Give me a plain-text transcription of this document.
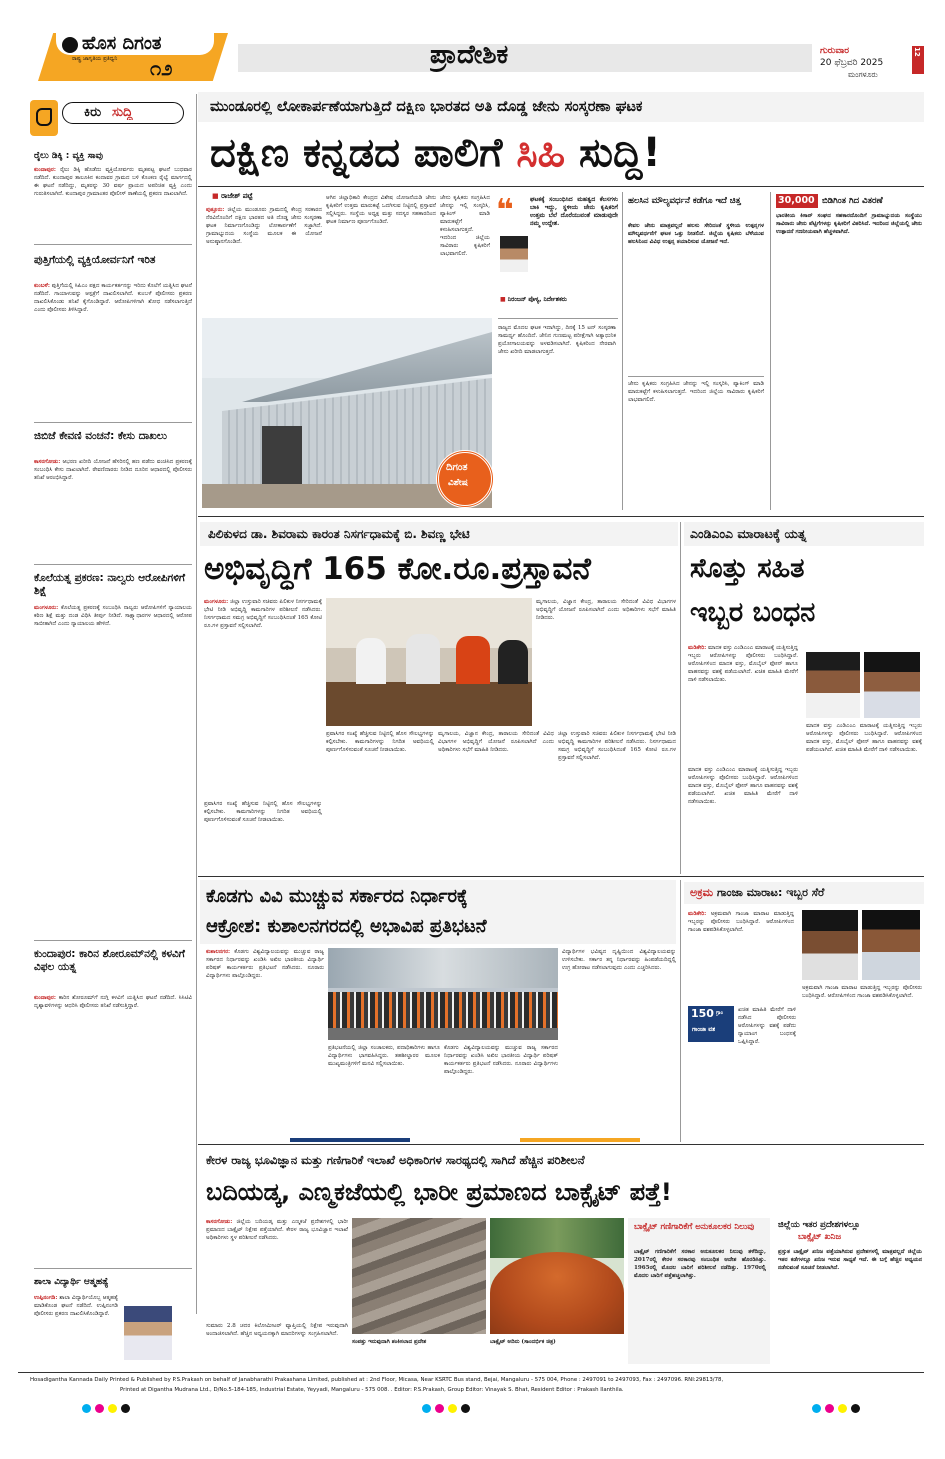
ಹೊಸ ದಿಗಂತ
ರಾಷ್ಟ್ರ ಜಾಗೃತಿಯ ಪ್ರತಿಧ್ವನಿ ೧೨	ಪ್ರಾದೇಶಿಕ	ಗುರುವಾರ
20 ಫೆಬ್ರವರಿ 2025
ಮಂಗಳೂರು
12
ಕಿರು ಸುದ್ದಿ
ರೈಲು ಡಿಕ್ಕಿ : ವ್ಯಕ್ತಿ ಸಾವು
ಕುಂದಾಪುರ: ರೈಲು ಡಿಕ್ಕಿ ಹೊಡೆದು ವ್ಯಕ್ತಿಯೋರ್ವರು ಮೃತಪಟ್ಟ ಘಟನೆ ಬುಧವಾರ ನಡೆದಿದೆ. ಕುಂದಾಪುರ ತಾಲೂಕಿನ ಕಂದಾವರ ಗ್ರಾಮದ ಬಳಿ ಕೊಂಕಣ ರೈಲ್ವೆ ಮಾರ್ಗದಲ್ಲಿ ಈ ಘಟನೆ ನಡೆದಿದ್ದು, ಮೃತರನ್ನು 30 ವರ್ಷ ಪ್ರಾಯದ ಅಪರಿಚಿತ ವ್ಯಕ್ತಿ ಎಂದು ಗುರುತಿಸಲಾಗಿದೆ. ಕುಂದಾಪುರ ಗ್ರಾಮಾಂತರ ಪೊಲೀಸ್ ಠಾಣೆಯಲ್ಲಿ ಪ್ರಕರಣ ದಾಖಲಾಗಿದೆ.
ಪುತ್ತಿಗೆಯಲ್ಲಿ ವ್ಯಕ್ತಿಯೋರ್ವನಿಗೆ ಇರಿತ
ಕುಂಬಳೆ: ಪುತ್ತಿಗೆಯಲ್ಲಿ ಸಿಪಿಎಂ ಪಕ್ಷದ ಕಾರ್ಯಕರ್ತನನ್ನು ಇರಿದು ಕೊಲೆಗೆ ಯತ್ನಿಸಿದ ಘಟನೆ ನಡೆದಿದೆ. ಗಾಯಾಳುವನ್ನು ಆಸ್ಪತ್ರೆಗೆ ದಾಖಲಿಸಲಾಗಿದೆ. ಕುಂಬಳೆ ಪೊಲೀಸರು ಪ್ರಕರಣ ದಾಖಲಿಸಿಕೊಂಡು ತನಿಖೆ ಕೈಗೊಂಡಿದ್ದಾರೆ. ಆರೋಪಿಗಳಿಗಾಗಿ ಶೋಧ ನಡೆಸಲಾಗುತ್ತಿದೆ ಎಂದು ಪೊಲೀಸರು ತಿಳಿಸಿದ್ದಾರೆ.
ಜಿಬಿಜೆ ಕೇವಣಿ ವಂಚನೆ: ಕೇಸು ದಾಖಲು
ಕಾಸರಗೋಡು: ಆಭರಣ ಖರೀದಿ ಯೋಜನೆ ಹೆಸರಿನಲ್ಲಿ ಹಣ ಪಡೆದು ವಂಚಿಸಿದ ಪ್ರಕರಣಕ್ಕೆ ಸಂಬಂಧಿಸಿ ಕೇಸು ದಾಖಲಾಗಿದೆ. ಠೇವಣಿದಾರರು ನೀಡಿದ ದೂರಿನ ಆಧಾರದಲ್ಲಿ ಪೊಲೀಸರು ತನಿಖೆ ಆರಂಭಿಸಿದ್ದಾರೆ.
ಕೊಲೆಯತ್ನ ಪ್ರಕರಣ: ನಾಲ್ವರು ಆರೋಪಿಗಳಿಗೆ ಶಿಕ್ಷೆ
ಮಂಗಳೂರು: ಕೊಲೆಯತ್ನ ಪ್ರಕರಣಕ್ಕೆ ಸಂಬಂಧಿಸಿ ನಾಲ್ವರು ಆರೋಪಿಗಳಿಗೆ ನ್ಯಾಯಾಲಯ ಕಠಿಣ ಶಿಕ್ಷೆ ಮತ್ತು ದಂಡ ವಿಧಿಸಿ ತೀರ್ಪು ನೀಡಿದೆ. ಸಾಕ್ಷ್ಯಾಧಾರಗಳ ಆಧಾರದಲ್ಲಿ ಆರೋಪ ಸಾಬೀತಾಗಿದೆ ಎಂದು ನ್ಯಾಯಾಲಯ ಹೇಳಿದೆ.
ಕುಂದಾಪುರ: ಕಾರಿನ ಶೋರೂಮ್‌ನಲ್ಲಿ ಕಳವಿಗೆ ವಿಫಲ ಯತ್ನ
ಕುಂದಾಪುರ: ಕಾರಿನ ಶೋರೂಮ್‌ಗೆ ನುಗ್ಗಿ ಕಳವಿಗೆ ಯತ್ನಿಸಿದ ಘಟನೆ ನಡೆದಿದೆ. ಸಿಸಿಟಿವಿ ದೃಶ್ಯಾವಳಿಗಳನ್ನು ಆಧರಿಸಿ ಪೊಲೀಸರು ತನಿಖೆ ನಡೆಸುತ್ತಿದ್ದಾರೆ.
ಶಾಲಾ ವಿದ್ಯಾರ್ಥಿ ಆತ್ಮಹತ್ಯೆ
ಉಪ್ಪಿನಂಗಡಿ: ಶಾಲಾ ವಿದ್ಯಾರ್ಥಿಯೊಬ್ಬ ಆತ್ಮಹತ್ಯೆ ಮಾಡಿಕೊಂಡ ಘಟನೆ ನಡೆದಿದೆ. ಉಪ್ಪಿನಂಗಡಿ ಪೊಲೀಸರು ಪ್ರಕರಣ ದಾಖಲಿಸಿಕೊಂಡಿದ್ದಾರೆ.
ಮುಂಡೂರಲ್ಲಿ ಲೋಕಾರ್ಪಣೆಯಾಗುತ್ತಿದೆ ದಕ್ಷಿಣ ಭಾರತದ ಅತಿ ದೊಡ್ಡ ಜೇನು ಸಂಸ್ಕರಣಾ ಘಟಕ
ದಕ್ಷಿಣ ಕನ್ನಡದ ಪಾಲಿಗೆ ಸಿಹಿ ಸುದ್ದಿ!
■ ರಾಜೇಶ್ ಪಟ್ಟೆ
ಪುತ್ತೂರು: ಜಿಲ್ಲೆಯ ಮುಂಡೂರು ಗ್ರಾಮದಲ್ಲಿ ಕೇಂದ್ರ ಸರಕಾರದ ನೆರವಿನೊಂದಿಗೆ ದಕ್ಷಿಣ ಭಾರತದ ಅತಿ ದೊಡ್ಡ ಜೇನು ಸಂಸ್ಕರಣಾ ಘಟಕ ನಿರ್ಮಾಣಗೊಂಡಿದ್ದು ಲೋಕಾರ್ಪಣೆಗೆ ಸಜ್ಜಾಗಿದೆ. ಗ್ರಾಮಾಭ್ಯುದಯ ಸಂಸ್ಥೆಯ ಮೂಲಕ ಈ ಯೋಜನೆ ಅನುಷ್ಠಾನಗೊಂಡಿದೆ.
ಆಗಿನ ಜಿಲ್ಲಾಧಿಕಾರಿ ಕೇಂದ್ರದ ವಿಶೇಷ ಯೋಜನೆಯಡಿ ಜೇನು ಕೃಷಿಕರಿಗೆ ಉತ್ತಮ ಮಾರುಕಟ್ಟೆ ಒದಗಿಸುವ ನಿಟ್ಟಿನಲ್ಲಿ ಪ್ರಸ್ತಾವನೆ ಸಲ್ಲಿಸಿದ್ದರು. ಸಂಸ್ಥೆಯ ಅಧ್ಯಕ್ಷ ಮತ್ತು ಸದಸ್ಯರ ಸಹಕಾರದಿಂದ ಘಟಕ ನಿರ್ಮಾಣ ಪೂರ್ಣಗೊಂಡಿದೆ.
ಜೇನು ಕೃಷಿಕರು ಸಂಗ್ರಹಿಸಿದ ಜೇನನ್ನು ಇಲ್ಲಿ ಸಂಸ್ಕರಿಸಿ, ಪ್ಯಾಕಿಂಗ್ ಮಾಡಿ ಮಾರುಕಟ್ಟೆಗೆ ಕಳುಹಿಸಲಾಗುತ್ತದೆ. ಇದರಿಂದ ಜಿಲ್ಲೆಯ ಸಾವಿರಾರು ಕೃಷಿಕರಿಗೆ ಲಾಭವಾಗಲಿದೆ.
ದಿಗಂತ
ವಿಶೇಷ
❝	ಘಟಕಕ್ಕೆ ಸಂಬಂಧಿಸಿದ ಮಹತ್ವದ ಕೆಲಸಗಳು ಬಾಕಿ ಇದ್ದು, ಸ್ಥಳೀಯ ಜೇನು ಕೃಷಿಕರಿಗೆ ಉತ್ತಮ ಬೆಲೆ ದೊರೆಯುವಂತೆ ಮಾಡುವುದೇ ನಮ್ಮ ಉದ್ದೇಶ.
■ ನಿರಂಜನ್ ಪೊಳ್ಯ, ನಿರ್ದೇಶಕರು
ರಾಜ್ಯದ ಮೊದಲ ಘಟಕ ಇದಾಗಿದ್ದು, ದಿನಕ್ಕೆ 15 ಟನ್ ಸಂಸ್ಕರಣಾ ಸಾಮರ್ಥ್ಯ ಹೊಂದಿದೆ. ಜೇನಿನ ಗುಣಮಟ್ಟ ಪರೀಕ್ಷೆಗಾಗಿ ಅತ್ಯಾಧುನಿಕ ಪ್ರಯೋಗಾಲಯವನ್ನು ಅಳವಡಿಸಲಾಗಿದೆ. ಕೃಷಿಕರಿಂದ ನೇರವಾಗಿ ಜೇನು ಖರೀದಿ ಮಾಡಲಾಗುತ್ತದೆ.
ಹಲಸಿನ ಮೌಲ್ಯವರ್ಧನೆ ಕಡೆಗೂ ಇದೆ ಚಿತ್ತ
ಕೇವಲ ಜೇನು ಮಾತ್ರವಲ್ಲದೆ ಹಲಸು ಸೇರಿದಂತೆ ಸ್ಥಳೀಯ ಉತ್ಪನ್ನಗಳ ಮೌಲ್ಯವರ್ಧನೆಗೆ ಘಟಕ ಒತ್ತು ನೀಡಲಿದೆ. ಜಿಲ್ಲೆಯ ಕೃಷಿಕರು ಬೆಳೆಯುವ ಹಲಸಿನಿಂದ ವಿವಿಧ ಉತ್ಪನ್ನ ತಯಾರಿಸುವ ಯೋಜನೆ ಇದೆ.
ಜೇನು ಕೃಷಿಕರು ಸಂಗ್ರಹಿಸಿದ ಜೇನನ್ನು ಇಲ್ಲಿ ಸಂಸ್ಕರಿಸಿ, ಪ್ಯಾಕಿಂಗ್ ಮಾಡಿ ಮಾರುಕಟ್ಟೆಗೆ ಕಳುಹಿಸಲಾಗುತ್ತದೆ. ಇದರಿಂದ ಜಿಲ್ಲೆಯ ಸಾವಿರಾರು ಕೃಷಿಕರಿಗೆ ಲಾಭವಾಗಲಿದೆ.
30,000 ಬಿಡಿಗಿಂತ ಗಿದ ವಿತರಣೆ
ಭಾರತೀಯ ಕಿಸಾನ್ ಸಂಘದ ಸಹಕಾರದೊಂದಿಗೆ ಗ್ರಾಮಾಭ್ಯುದಯ ಸಂಸ್ಥೆಯು ಸಾವಿರಾರು ಜೇನು ಪೆಟ್ಟಿಗೆಗಳನ್ನು ಕೃಷಿಕರಿಗೆ ವಿತರಿಸಿದೆ. ಇದರಿಂದ ಜಿಲ್ಲೆಯಲ್ಲಿ ಜೇನು ಉತ್ಪಾದನೆ ಗಣನೀಯವಾಗಿ ಹೆಚ್ಚಳವಾಗಿದೆ.
ಪಿಲಿಕುಳದ ಡಾ. ಶಿವರಾಮ ಕಾರಂತ ನಿಸರ್ಗಧಾಮಕ್ಕೆ ಬಿ. ಶಿವಣ್ಣ ಭೇಟಿ
ಅಭಿವೃದ್ಧಿಗೆ 165 ಕೋ.ರೂ.ಪ್ರಸ್ತಾವನೆ
ಮಂಗಳೂರು: ಜಿಲ್ಲಾ ಉಸ್ತುವಾರಿ ಸಚಿವರು ಪಿಲಿಕುಳ ನಿಸರ್ಗಧಾಮಕ್ಕೆ ಭೇಟಿ ನೀಡಿ ಅಭಿವೃದ್ಧಿ ಕಾಮಗಾರಿಗಳ ಪರಿಶೀಲನೆ ನಡೆಸಿದರು. ನಿಸರ್ಗಧಾಮದ ಸಮಗ್ರ ಅಭಿವೃದ್ಧಿಗೆ ಸಂಬಂಧಿಸಿದಂತೆ 165 ಕೋಟಿ ರೂ.ಗಳ ಪ್ರಸ್ತಾವನೆ ಸಲ್ಲಿಸಲಾಗಿದೆ.
ಮೃಗಾಲಯ, ವಿಜ್ಞಾನ ಕೇಂದ್ರ, ತಾರಾಲಯ ಸೇರಿದಂತೆ ವಿವಿಧ ವಿಭಾಗಗಳ ಅಭಿವೃದ್ಧಿಗೆ ಯೋಜನೆ ರೂಪಿಸಲಾಗಿದೆ ಎಂದು ಅಧಿಕಾರಿಗಳು ಸಭೆಗೆ ಮಾಹಿತಿ ನೀಡಿದರು.
ಪ್ರವಾಸಿಗರ ಸಂಖ್ಯೆ ಹೆಚ್ಚಿಸುವ ನಿಟ್ಟಿನಲ್ಲಿ ಹೊಸ ಸೌಲಭ್ಯಗಳನ್ನು ಕಲ್ಪಿಸಬೇಕು. ಕಾಮಗಾರಿಗಳನ್ನು ನಿಗದಿತ ಅವಧಿಯಲ್ಲಿ ಪೂರ್ಣಗೊಳಿಸುವಂತೆ ಸೂಚನೆ ನೀಡಲಾಯಿತು.
ಮೃಗಾಲಯ, ವಿಜ್ಞಾನ ಕೇಂದ್ರ, ತಾರಾಲಯ ಸೇರಿದಂತೆ ವಿವಿಧ ವಿಭಾಗಗಳ ಅಭಿವೃದ್ಧಿಗೆ ಯೋಜನೆ ರೂಪಿಸಲಾಗಿದೆ ಎಂದು ಅಧಿಕಾರಿಗಳು ಸಭೆಗೆ ಮಾಹಿತಿ ನೀಡಿದರು.
ಜಿಲ್ಲಾ ಉಸ್ತುವಾರಿ ಸಚಿವರು ಪಿಲಿಕುಳ ನಿಸರ್ಗಧಾಮಕ್ಕೆ ಭೇಟಿ ನೀಡಿ ಅಭಿವೃದ್ಧಿ ಕಾಮಗಾರಿಗಳ ಪರಿಶೀಲನೆ ನಡೆಸಿದರು. ನಿಸರ್ಗಧಾಮದ ಸಮಗ್ರ ಅಭಿವೃದ್ಧಿಗೆ ಸಂಬಂಧಿಸಿದಂತೆ 165 ಕೋಟಿ ರೂ.ಗಳ ಪ್ರಸ್ತಾವನೆ ಸಲ್ಲಿಸಲಾಗಿದೆ.
ಪ್ರವಾಸಿಗರ ಸಂಖ್ಯೆ ಹೆಚ್ಚಿಸುವ ನಿಟ್ಟಿನಲ್ಲಿ ಹೊಸ ಸೌಲಭ್ಯಗಳನ್ನು ಕಲ್ಪಿಸಬೇಕು. ಕಾಮಗಾರಿಗಳನ್ನು ನಿಗದಿತ ಅವಧಿಯಲ್ಲಿ ಪೂರ್ಣಗೊಳಿಸುವಂತೆ ಸೂಚನೆ ನೀಡಲಾಯಿತು.
ಎಂಡಿಎಂಎ ಮಾರಾಟಕ್ಕೆ ಯತ್ನ
ಸೊತ್ತು ಸಹಿತ
ಇಬ್ಬರ ಬಂಧನ
ಮಡಿಕೇರಿ: ಮಾದಕ ವಸ್ತು ಎಂಡಿಎಂಎ ಮಾರಾಟಕ್ಕೆ ಯತ್ನಿಸುತ್ತಿದ್ದ ಇಬ್ಬರು ಆರೋಪಿಗಳನ್ನು ಪೊಲೀಸರು ಬಂಧಿಸಿದ್ದಾರೆ. ಆರೋಪಿಗಳಿಂದ ಮಾದಕ ವಸ್ತು, ಮೊಬೈಲ್ ಫೋನ್ ಹಾಗೂ ವಾಹನವನ್ನು ವಶಕ್ಕೆ ಪಡೆಯಲಾಗಿದೆ. ಖಚಿತ ಮಾಹಿತಿ ಮೇರೆಗೆ ದಾಳಿ ನಡೆಸಲಾಯಿತು.
ಮಾದಕ ವಸ್ತು ಎಂಡಿಎಂಎ ಮಾರಾಟಕ್ಕೆ ಯತ್ನಿಸುತ್ತಿದ್ದ ಇಬ್ಬರು ಆರೋಪಿಗಳನ್ನು ಪೊಲೀಸರು ಬಂಧಿಸಿದ್ದಾರೆ. ಆರೋಪಿಗಳಿಂದ ಮಾದಕ ವಸ್ತು, ಮೊಬೈಲ್ ಫೋನ್ ಹಾಗೂ ವಾಹನವನ್ನು ವಶಕ್ಕೆ ಪಡೆಯಲಾಗಿದೆ. ಖಚಿತ ಮಾಹಿತಿ ಮೇರೆಗೆ ದಾಳಿ ನಡೆಸಲಾಯಿತು.
ಮಾದಕ ವಸ್ತು ಎಂಡಿಎಂಎ ಮಾರಾಟಕ್ಕೆ ಯತ್ನಿಸುತ್ತಿದ್ದ ಇಬ್ಬರು ಆರೋಪಿಗಳನ್ನು ಪೊಲೀಸರು ಬಂಧಿಸಿದ್ದಾರೆ. ಆರೋಪಿಗಳಿಂದ ಮಾದಕ ವಸ್ತು, ಮೊಬೈಲ್ ಫೋನ್ ಹಾಗೂ ವಾಹನವನ್ನು ವಶಕ್ಕೆ ಪಡೆಯಲಾಗಿದೆ. ಖಚಿತ ಮಾಹಿತಿ ಮೇರೆಗೆ ದಾಳಿ ನಡೆಸಲಾಯಿತು.
ಕೊಡಗು ವಿವಿ ಮುಚ್ಚುವ ಸರ್ಕಾರದ ನಿರ್ಧಾರಕ್ಕೆ
ಆಕ್ರೋಶ: ಕುಶಾಲನಗರದಲ್ಲಿ ಅಭಾವಿಪ ಪ್ರತಿಭಟನೆ
ಕುಶಾಲನಗರ: ಕೊಡಗು ವಿಶ್ವವಿದ್ಯಾಲಯವನ್ನು ಮುಚ್ಚುವ ರಾಜ್ಯ ಸರ್ಕಾರದ ನಿರ್ಧಾರವನ್ನು ಖಂಡಿಸಿ ಅಖಿಲ ಭಾರತೀಯ ವಿದ್ಯಾರ್ಥಿ ಪರಿಷತ್ ಕಾರ್ಯಕರ್ತರು ಪ್ರತಿಭಟನೆ ನಡೆಸಿದರು. ನೂರಾರು ವಿದ್ಯಾರ್ಥಿಗಳು ಪಾಲ್ಗೊಂಡಿದ್ದರು.
ವಿದ್ಯಾರ್ಥಿಗಳ ಭವಿಷ್ಯದ ದೃಷ್ಟಿಯಿಂದ ವಿಶ್ವವಿದ್ಯಾಲಯವನ್ನು ಉಳಿಸಬೇಕು. ಸರ್ಕಾರ ತನ್ನ ನಿರ್ಧಾರವನ್ನು ಹಿಂಪಡೆಯದಿದ್ದಲ್ಲಿ ಉಗ್ರ ಹೋರಾಟ ನಡೆಸಲಾಗುವುದು ಎಂದು ಎಚ್ಚರಿಸಿದರು.
ಪ್ರತಿಭಟನೆಯಲ್ಲಿ ಜಿಲ್ಲಾ ಸಂಚಾಲಕರು, ಪದಾಧಿಕಾರಿಗಳು ಹಾಗೂ ವಿದ್ಯಾರ್ಥಿಗಳು ಭಾಗವಹಿಸಿದ್ದರು. ತಹಶೀಲ್ದಾರರ ಮೂಲಕ ಮುಖ್ಯಮಂತ್ರಿಗಳಿಗೆ ಮನವಿ ಸಲ್ಲಿಸಲಾಯಿತು.
ಕೊಡಗು ವಿಶ್ವವಿದ್ಯಾಲಯವನ್ನು ಮುಚ್ಚುವ ರಾಜ್ಯ ಸರ್ಕಾರದ ನಿರ್ಧಾರವನ್ನು ಖಂಡಿಸಿ ಅಖಿಲ ಭಾರತೀಯ ವಿದ್ಯಾರ್ಥಿ ಪರಿಷತ್ ಕಾರ್ಯಕರ್ತರು ಪ್ರತಿಭಟನೆ ನಡೆಸಿದರು. ನೂರಾರು ವಿದ್ಯಾರ್ಥಿಗಳು ಪಾಲ್ಗೊಂಡಿದ್ದರು.
ಅಕ್ರಮ ಗಾಂಜಾ ಮಾರಾಟ: ಇಬ್ಬರ ಸೆರೆ
ಮಡಿಕೇರಿ: ಅಕ್ರಮವಾಗಿ ಗಾಂಜಾ ಮಾರಾಟ ಮಾಡುತ್ತಿದ್ದ ಇಬ್ಬರನ್ನು ಪೊಲೀಸರು ಬಂಧಿಸಿದ್ದಾರೆ. ಆರೋಪಿಗಳಿಂದ ಗಾಂಜಾ ವಶಪಡಿಸಿಕೊಳ್ಳಲಾಗಿದೆ.
150 ಗ್ರಾಂ
ಗಾಂಜಾ ವಶ
ಖಚಿತ ಮಾಹಿತಿ ಮೇರೆಗೆ ದಾಳಿ ನಡೆಸಿದ ಪೊಲೀಸರು ಆರೋಪಿಗಳನ್ನು ವಶಕ್ಕೆ ಪಡೆದು ನ್ಯಾಯಾಂಗ ಬಂಧನಕ್ಕೆ ಒಪ್ಪಿಸಿದ್ದಾರೆ.
ಅಕ್ರಮವಾಗಿ ಗಾಂಜಾ ಮಾರಾಟ ಮಾಡುತ್ತಿದ್ದ ಇಬ್ಬರನ್ನು ಪೊಲೀಸರು ಬಂಧಿಸಿದ್ದಾರೆ. ಆರೋಪಿಗಳಿಂದ ಗಾಂಜಾ ವಶಪಡಿಸಿಕೊಳ್ಳಲಾಗಿದೆ.
ಕೇರಳ ರಾಜ್ಯ ಭೂವಿಜ್ಞಾನ ಮತ್ತು ಗಣಿಗಾರಿಕೆ ಇಲಾಖೆ ಅಧಿಕಾರಿಗಳ ಸಾರಥ್ಯದಲ್ಲಿ ಸಾಗಿದೆ ಹೆಚ್ಚಿನ ಪರಿಶೀಲನೆ
ಬದಿಯಡ್ಕ, ಎಣ್ಮಕಜೆಯಲ್ಲಿ ಭಾರೀ ಪ್ರಮಾಣದ ಬಾಕ್ಸೈಟ್ ಪತ್ತೆ!
ಕಾಸರಗೋಡು: ಜಿಲ್ಲೆಯ ಬದಿಯಡ್ಕ ಮತ್ತು ಎಣ್ಮಕಜೆ ಪ್ರದೇಶಗಳಲ್ಲಿ ಭಾರೀ ಪ್ರಮಾಣದ ಬಾಕ್ಸೈಟ್ ನಿಕ್ಷೇಪ ಪತ್ತೆಯಾಗಿದೆ. ಕೇರಳ ರಾಜ್ಯ ಭೂವಿಜ್ಞಾನ ಇಲಾಖೆ ಅಧಿಕಾರಿಗಳು ಸ್ಥಳ ಪರಿಶೀಲನೆ ನಡೆಸಿದರು.
ಸುಮಾರು 2.8 ಚದರ ಕಿಲೋಮೀಟರ್ ವ್ಯಾಪ್ತಿಯಲ್ಲಿ ನಿಕ್ಷೇಪ ಇರುವುದಾಗಿ ಅಂದಾಜಿಸಲಾಗಿದೆ. ಹೆಚ್ಚಿನ ಅಧ್ಯಯನಕ್ಕಾಗಿ ಮಾದರಿಗಳನ್ನು ಸಂಗ್ರಹಿಸಲಾಗಿದೆ.
ಸಂಪತ್ತು ಇರುವುದಾಗಿ ಶಂಕಿಸಲಾದ ಪ್ರದೇಶ	ಬಾಕ್ಸೈಟ್ ಅದಿರು (ಸಾಂದರ್ಭಿಕ ಚಿತ್ರ)
ಬಾಕ್ಸೈಟ್ ಗಣಿಗಾರಿಕೆಗೆ ಅನುಕೂಲಕರ ನಿಲುವು
ಬಾಕ್ಸೈಟ್ ಗಣಿಗಾರಿಕೆಗೆ ಸರಕಾರ ಅನುಕೂಲಕರ ನಿಲುವು ತಳೆದಿದ್ದು, 2017ರಲ್ಲಿ ಕೇರಳ ಸರಕಾರವು ಸಂಬಂಧಿತ ಆದೇಶ ಹೊರಡಿಸಿತ್ತು. 1965ರಲ್ಲಿ ಮೊದಲ ಬಾರಿಗೆ ಪರಿಶೀಲನೆ ನಡೆದಿತ್ತು. 1970ರಲ್ಲಿ ಮೊದಲ ಬಾರಿಗೆ ಪತ್ತೆಹಚ್ಚಲಾಗಿತ್ತು.
ಜಿಲ್ಲೆಯ ಇತರ ಪ್ರದೇಶಗಳಲ್ಲೂ
ಬಾಕ್ಸೈಟ್ ಖನಿಜ
ಪ್ರಸ್ತುತ ಬಾಕ್ಸೈಟ್ ಖನಿಜ ಪತ್ತೆಯಾಗಿರುವ ಪ್ರದೇಶಗಳಲ್ಲಿ ಮಾತ್ರವಲ್ಲದೆ ಜಿಲ್ಲೆಯ ಇತರ ಕಡೆಗಳಲ್ಲೂ ಖನಿಜ ಇರುವ ಸಾಧ್ಯತೆ ಇದೆ. ಈ ಬಗ್ಗೆ ಹೆಚ್ಚಿನ ಅಧ್ಯಯನ ನಡೆಸುವಂತೆ ಸೂಚನೆ ನೀಡಲಾಗಿದೆ.
Hosadigantha Kannada Daily Printed & Published by P.S.Prakash on behalf of Janabharathi Prakashana Limited, published at : 2nd Floor, Micasa, Near KSRTC Bus stand, Bejai, Mangaluru - 575 004, Phone : 2497091 to 2497093, Fax : 2497096. RNI:29813/78,
Printed at Digantha Mudrana Ltd., D/No.5-184-185, Industrial Estate, Yeyyadi, Mangaluru - 575 008. . Editor: P.S.Prakash, Group Editor: Vinayak S. Bhat, Resident Editor : Prakash Ilanthila.
